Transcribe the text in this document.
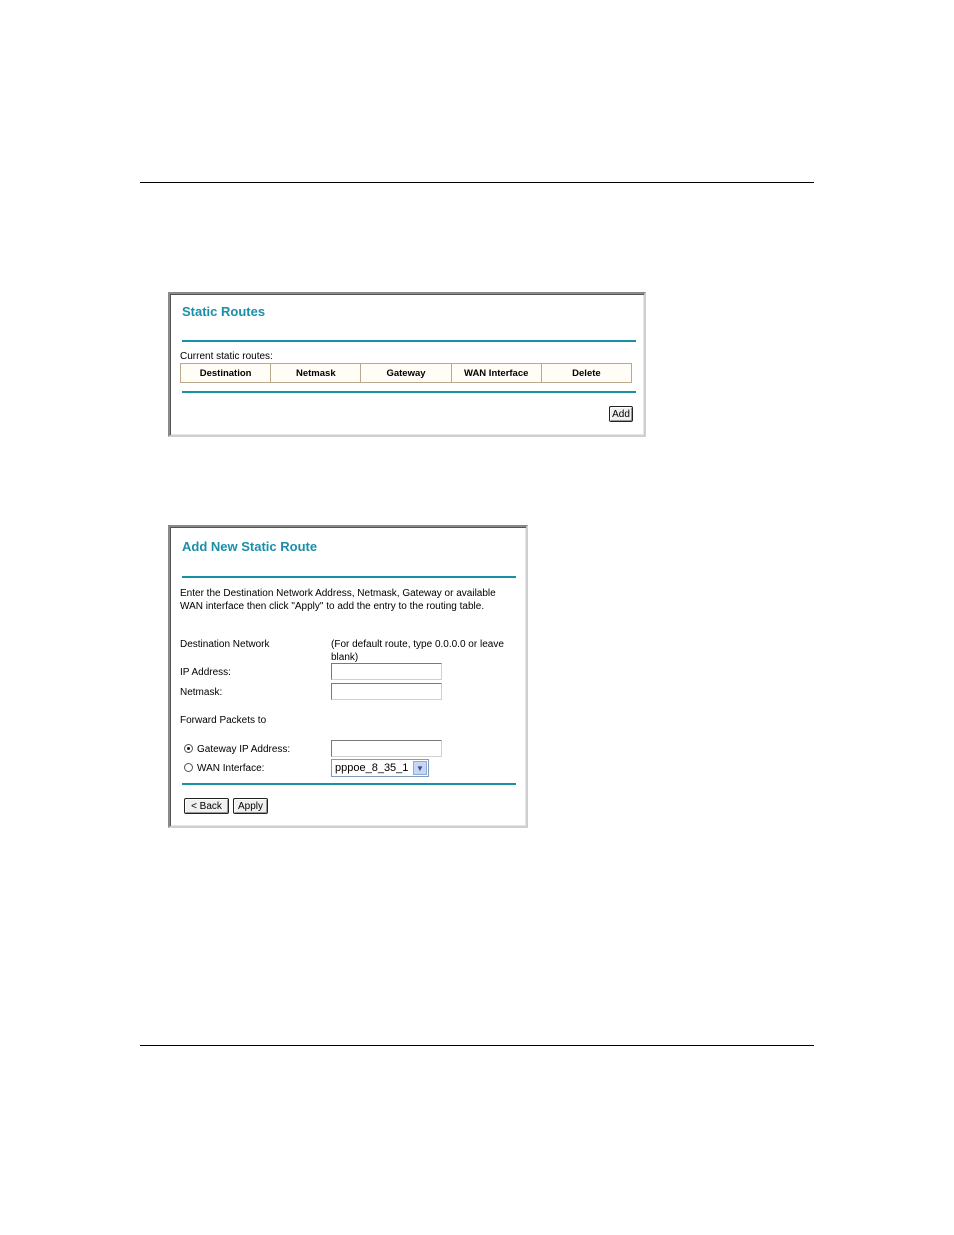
Static Routes
Current static routes:
Destination	Netmask	Gateway	WAN Interface	Delete
Add
Add New Static Route
Enter the Destination Network Address, Netmask, Gateway or available
WAN interface then click "Apply" to add the entry to the routing table.
Destination Network	(For default route, type 0.0.0.0 or leave
blank)
IP Address:
Netmask:
Forward Packets to
Gateway IP Address:
WAN Interface:	pppoe_8_35_1 ▼
< Back	Apply
